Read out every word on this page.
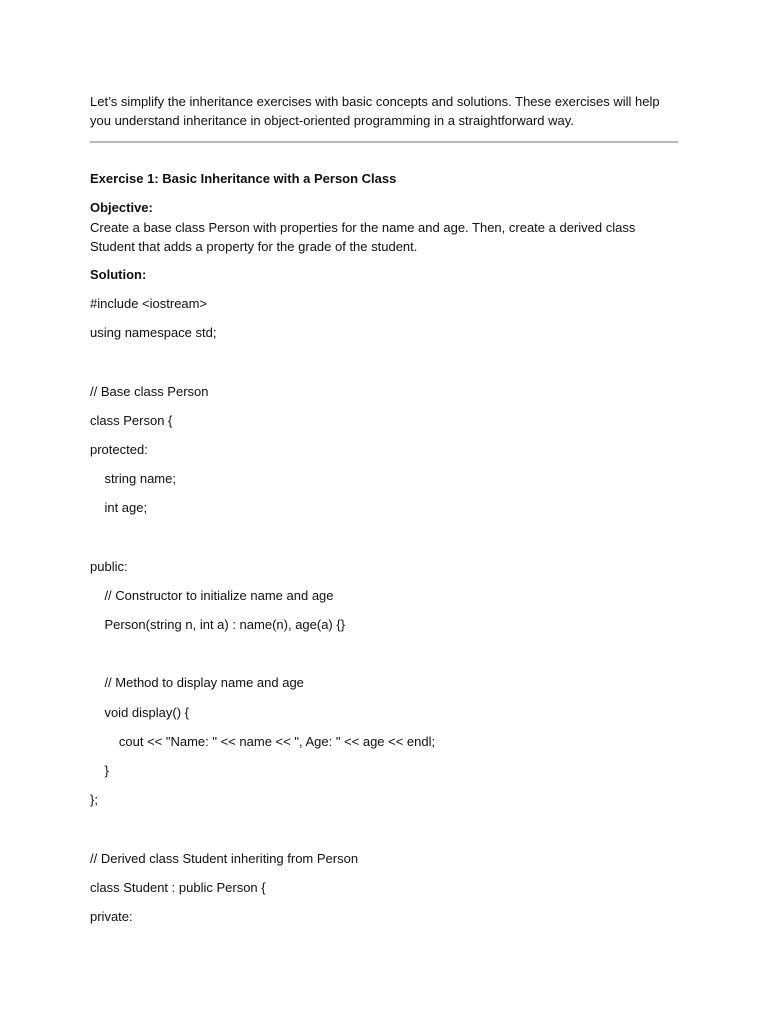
Let’s simplify the inheritance exercises with basic concepts and solutions. These exercises will help you understand inheritance in object-oriented programming in a straightforward way.

Exercise 1: Basic Inheritance with a Person Class

Objective:

Create a base class Person with properties for the name and age. Then, create a derived class Student that adds a property for the grade of the student.

Solution:

#include <iostream>
using namespace std;
// Base class Person
class Person {
protected:
string name;
int age;
public:
// Constructor to initialize name and age
Person(string n, int a) : name(n), age(a) {}
// Method to display name and age
void display() {
cout << "Name: " << name << ", Age: " << age << endl;
}
};
// Derived class Student inheriting from Person
class Student : public Person {
private:
